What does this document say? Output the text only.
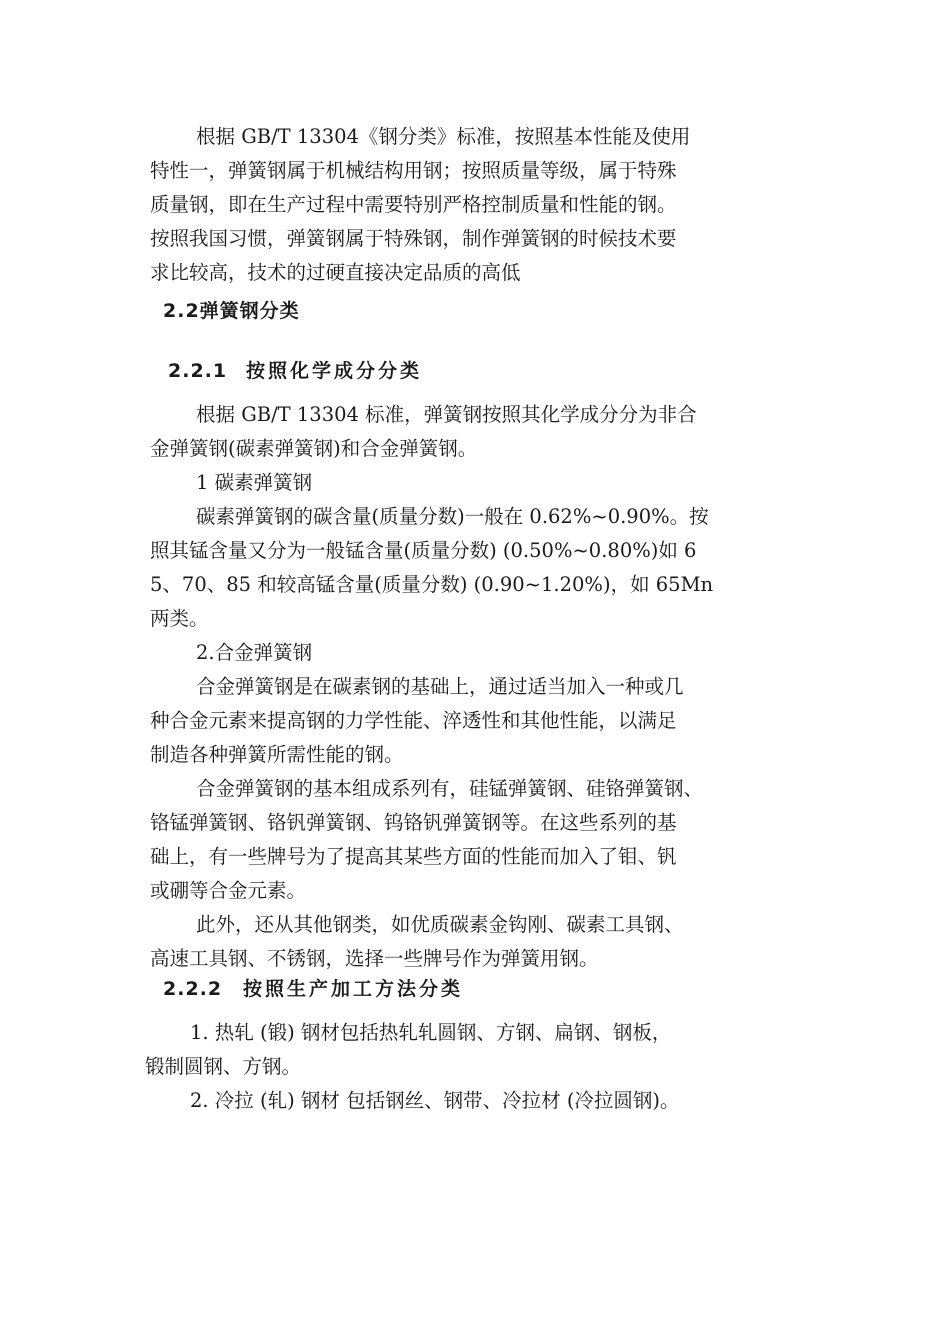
根据 GB/T 13304《钢分类》标准，按照基本性能及使用
特性一，弹簧钢属于机械结构用钢；按照质量等级，属于特殊
质量钢，即在生产过程中需要特别严格控制质量和性能的钢。
按照我国习惯，弹簧钢属于特殊钢，制作弹簧钢的时候技术要
求比较高，技术的过硬直接决定品质的高低
2.2弹簧钢分类
2.2.1 按照化学成分分类
根据 GB/T 13304 标准，弹簧钢按照其化学成分分为非合
金弹簧钢(碳素弹簧钢)和合金弹簧钢。
1 碳素弹簧钢
碳素弹簧钢的碳含量(质量分数)一般在 0.62%~0.90%。按
照其锰含量又分为一般锰含量(质量分数) (0.50%~0.80%)如 6
5、70、85 和较高锰含量(质量分数) (0.90~1.20%)，如 65Mn
两类。
2.合金弹簧钢
合金弹簧钢是在碳素钢的基础上，通过适当加入一种或几
种合金元素来提高钢的力学性能、淬透性和其他性能，以满足
制造各种弹簧所需性能的钢。
合金弹簧钢的基本组成系列有，硅锰弹簧钢、硅铬弹簧钢、
铬锰弹簧钢、铬钒弹簧钢、钨铬钒弹簧钢等。在这些系列的基
础上，有一些牌号为了提高其某些方面的性能而加入了钼、钒
或硼等合金元素。
此外，还从其他钢类，如优质碳素金钩刚、碳素工具钢、
高速工具钢、不锈钢，选择一些牌号作为弹簧用钢。
2.2.2 按照生产加工方法分类
1. 热轧 (锻) 钢材包括热轧轧圆钢、方钢、扁钢、钢板，
锻制圆钢、方钢。
2. 冷拉 (轧) 钢材 包括钢丝、钢带、冷拉材 (冷拉圆钢)。
